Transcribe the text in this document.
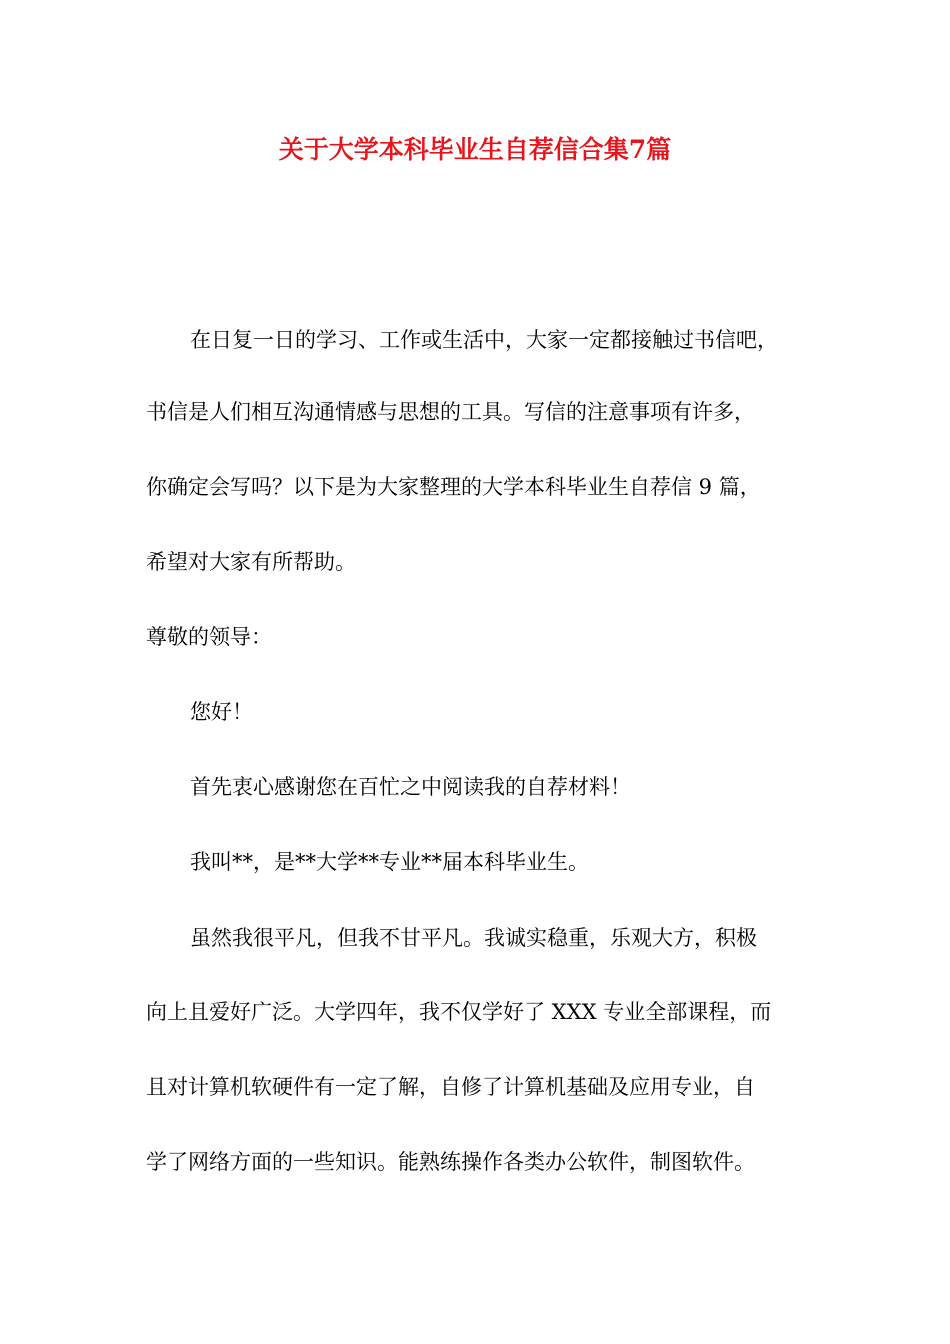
关于大学本科毕业生自荐信合集7篇
在日复一日的学习、工作或生活中，大家一定都接触过书信吧，
书信是人们相互沟通情感与思想的工具。写信的注意事项有许多，
你确定会写吗？以下是为大家整理的大学本科毕业生自荐信 9 篇，
希望对大家有所帮助。
尊敬的领导：
您好！
首先衷心感谢您在百忙之中阅读我的自荐材料！
我叫**，是**大学**专业**届本科毕业生。
虽然我很平凡，但我不甘平凡。我诚实稳重，乐观大方，积极
向上且爱好广泛。大学四年，我不仅学好了 XXX 专业全部课程，而
且对计算机软硬件有一定了解，自修了计算机基础及应用专业，自
学了网络方面的一些知识。能熟练操作各类办公软件，制图软件。
